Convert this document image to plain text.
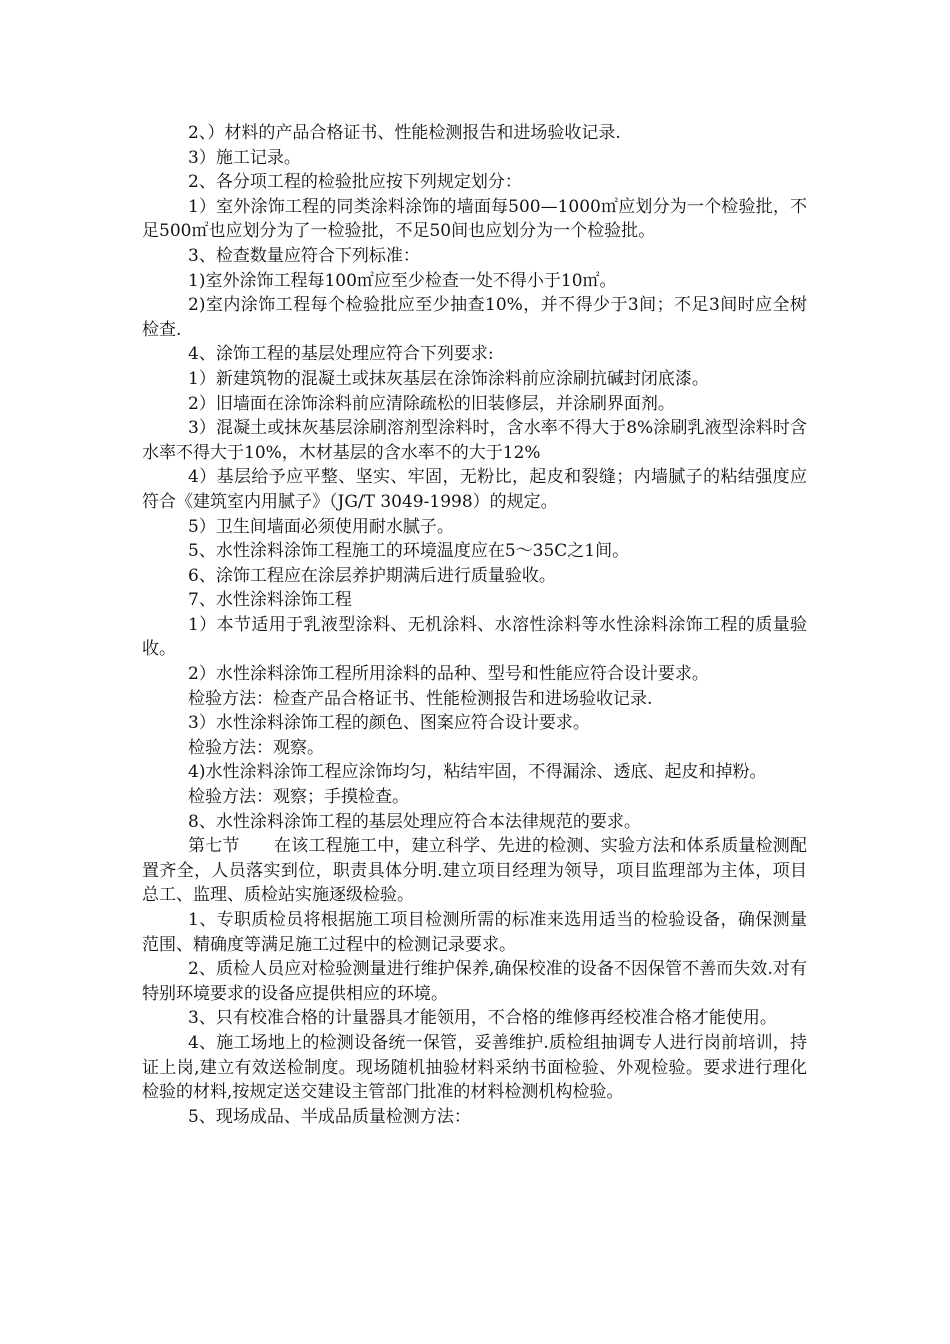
2、）材料的产品合格证书、性能检测报告和进场验收记录.

3）施工记录。

2、各分项工程的检验批应按下列规定划分：

1）室外涂饰工程的同类涂料涂饰的墙面每500—1000㎡应划分为一个检验批，不足500㎡也应划分为了一检验批，不足50间也应划分为一个检验批。

3、检查数量应符合下列标准：

1)室外涂饰工程每100㎡应至少检查一处不得小于10㎡。

2)室内涂饰工程每个检验批应至少抽查10%，并不得少于3间；不足3间时应全树检查.

4、涂饰工程的基层处理应符合下列要求:

1）新建筑物的混凝土或抹灰基层在涂饰涂料前应涂刷抗碱封闭底漆。

2）旧墙面在涂饰涂料前应清除疏松的旧装修层，并涂刷界面剂。

3）混凝土或抹灰基层涂刷溶剂型涂料时，含水率不得大于8%涂刷乳液型涂料时含水率不得大于10%，木材基层的含水率不的大于12%

4）基层给予应平整、坚实、牢固，无粉比，起皮和裂缝；内墙腻子的粘结强度应符合《建筑室内用腻子》（JG/T 3049-1998）的规定。

5）卫生间墙面必须使用耐水腻子。

5、水性涂料涂饰工程施工的环境温度应在5～35C之1间。

6、涂饰工程应在涂层养护期满后进行质量验收。

7、水性涂料涂饰工程

1）本节适用于乳液型涂料、无机涂料、水溶性涂料等水性涂料涂饰工程的质量验收。

2）水性涂料涂饰工程所用涂料的品种、型号和性能应符合设计要求。

检验方法：检查产品合格证书、性能检测报告和进场验收记录.

3）水性涂料涂饰工程的颜色、图案应符合设计要求。

检验方法：观察。

4)水性涂料涂饰工程应涂饰均匀，粘结牢固，不得漏涂、透底、起皮和掉粉。

检验方法：观察；手摸检查。

8、水性涂料涂饰工程的基层处理应符合本法律规范的要求。

第七节　　在该工程施工中，建立科学、先进的检测、实验方法和体系质量检测配置齐全，人员落实到位，职责具体分明.建立项目经理为领导，项目监理部为主体，项目总工、监理、质检站实施逐级检验。

1、专职质检员将根据施工项目检测所需的标准来选用适当的检验设备，确保测量范围、精确度等满足施工过程中的检测记录要求。

2、质检人员应对检验测量进行维护保养,确保校准的设备不因保管不善而失效.对有特别环境要求的设备应提供相应的环境。

3、只有校准合格的计量器具才能领用，不合格的维修再经校准合格才能使用。

4、施工场地上的检测设备统一保管，妥善维护.质检组抽调专人进行岗前培训，持证上岗,建立有效送检制度。现场随机抽验材料采纳书面检验、外观检验。要求进行理化检验的材料,按规定送交建设主管部门批准的材料检测机构检验。

5、现场成品、半成品质量检测方法：
